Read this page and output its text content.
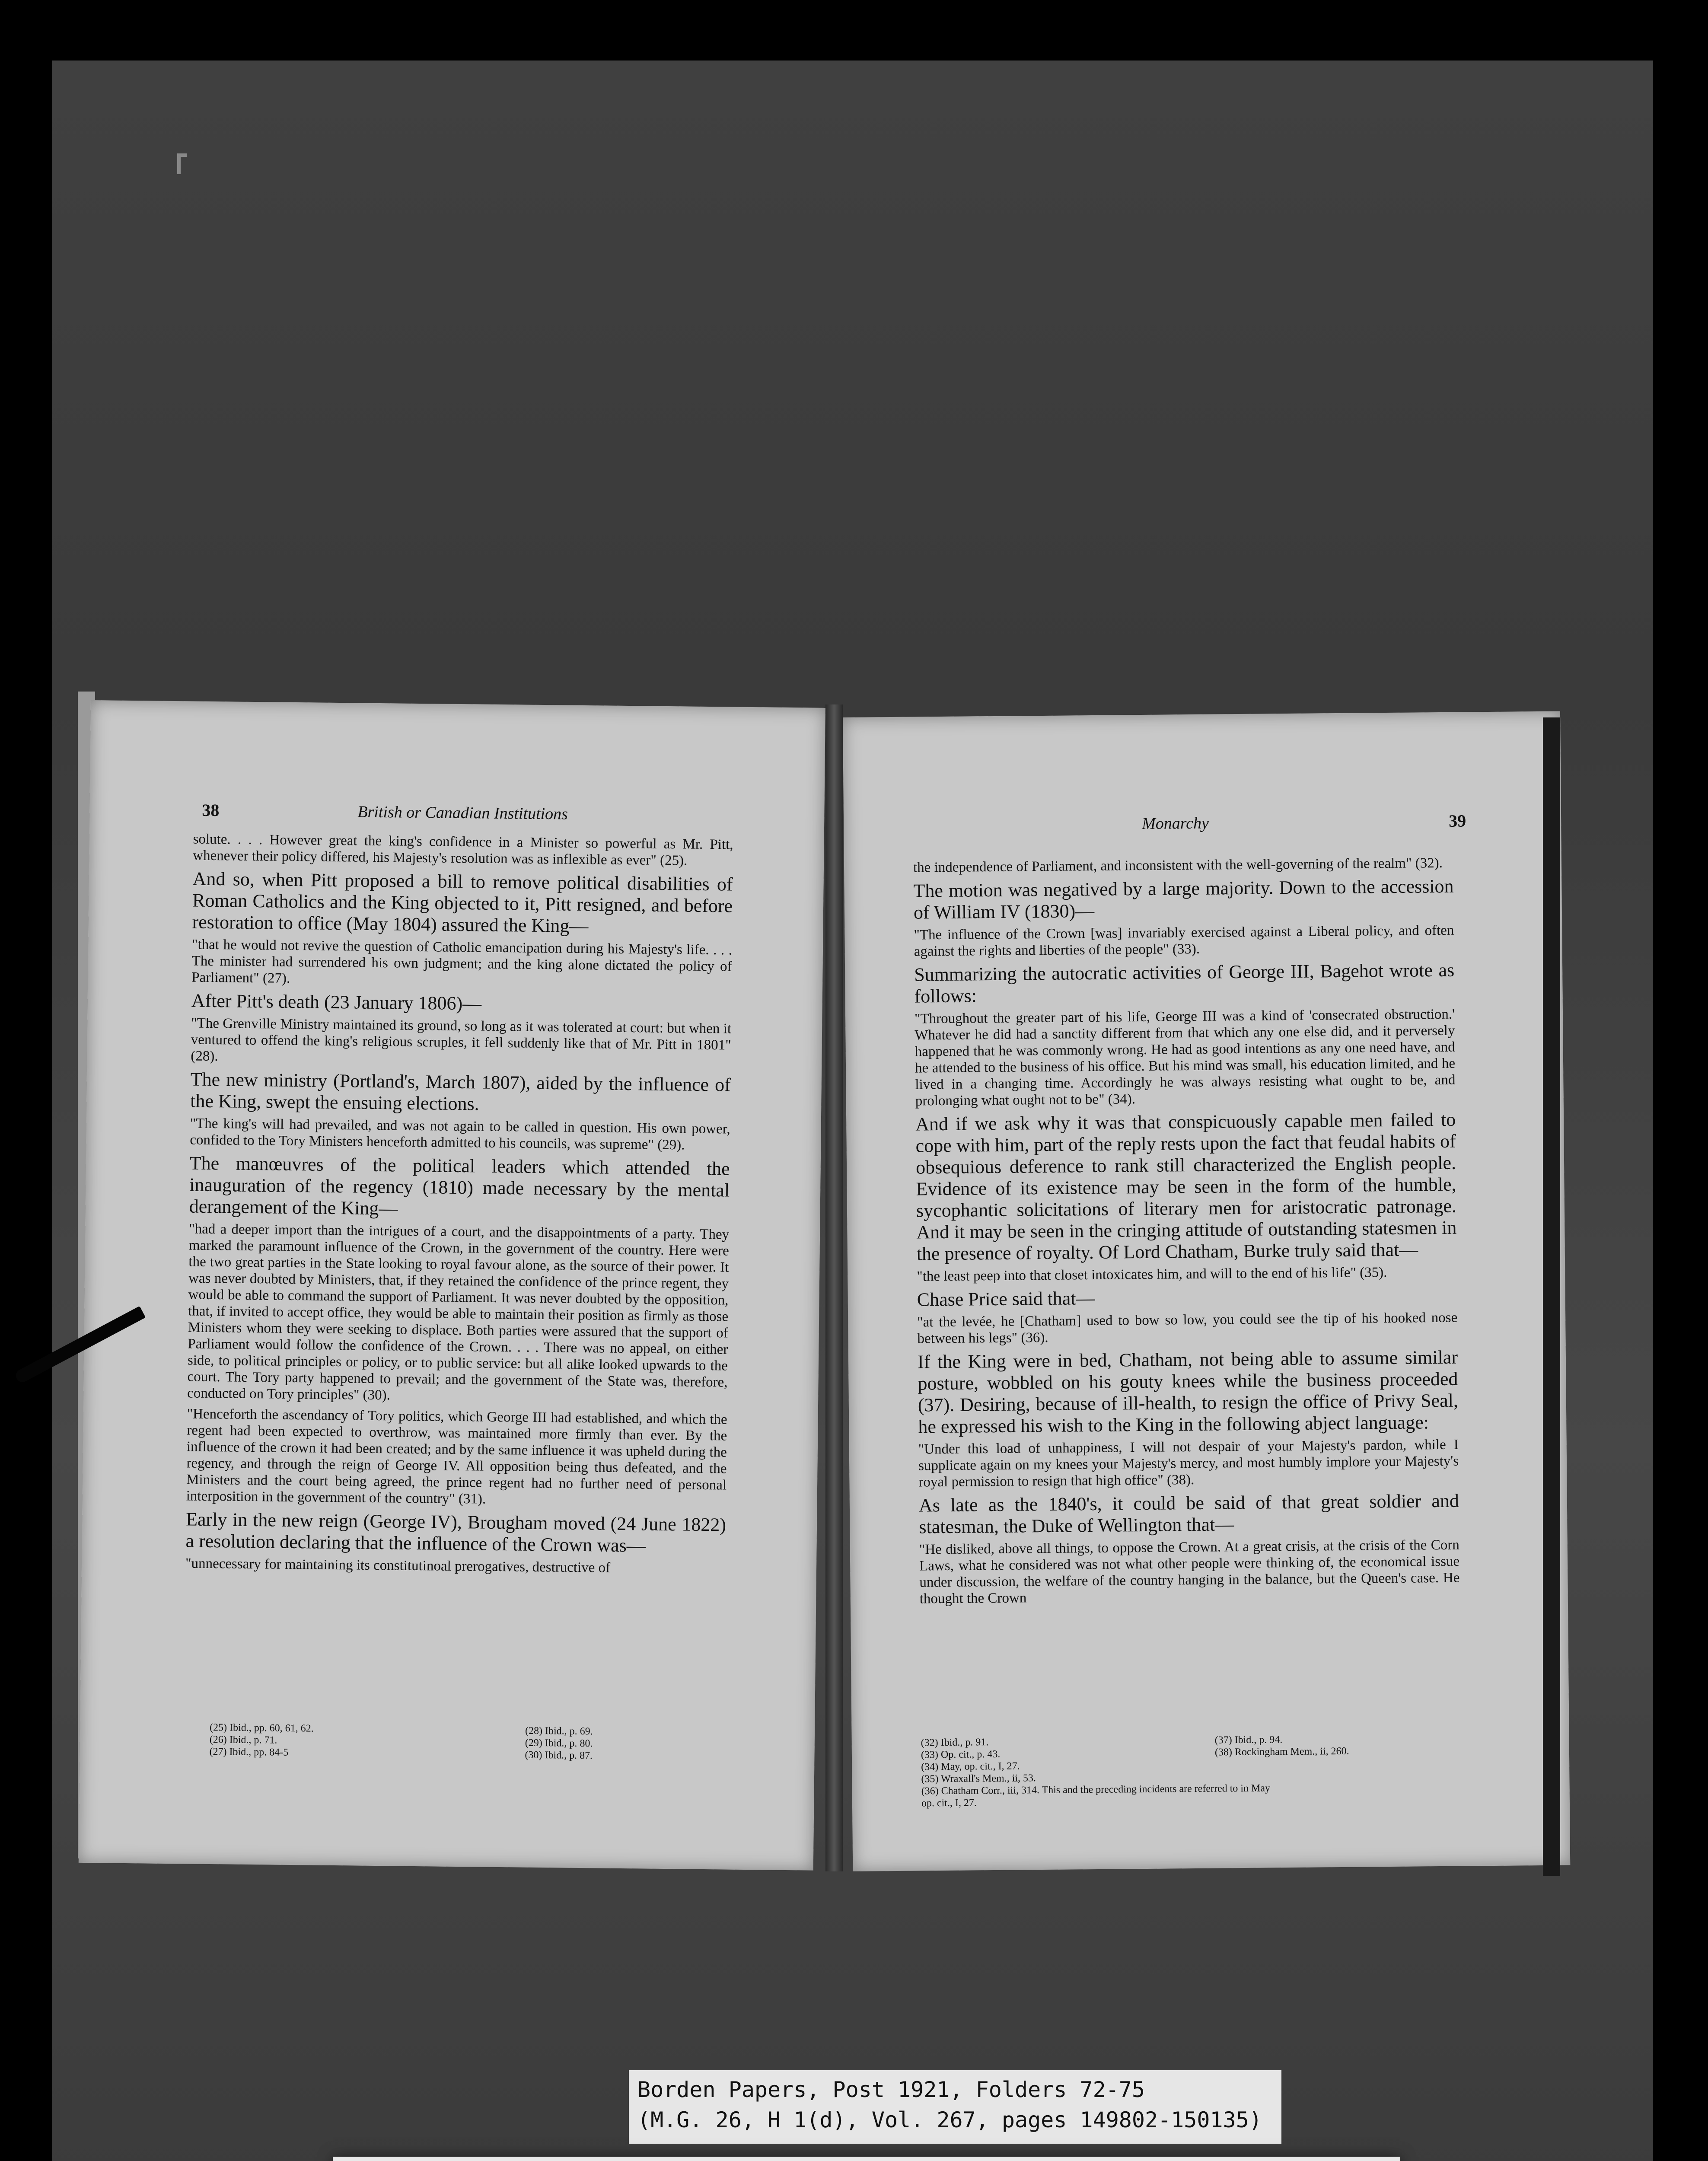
38	British or Canadian Institutions

solute. . . . However great the king's confidence in a Minister so powerful as Mr. Pitt, whenever their policy differed, his Majesty's resolution was as inflexible as ever" (25).

And so, when Pitt proposed a bill to remove political disabilities of Roman Catholics and the King objected to it, Pitt resigned, and before restoration to office (May 1804) assured the King—

"that he would not revive the question of Catholic emancipation during his Majesty's life. . . . The minister had surrendered his own judgment; and the king alone dictated the policy of Parliament" (27).

After Pitt's death (23 January 1806)—

"The Grenville Ministry maintained its ground, so long as it was tolerated at court: but when it ventured to offend the king's religious scruples, it fell suddenly like that of Mr. Pitt in 1801" (28).

The new ministry (Portland's, March 1807), aided by the influence of the King, swept the ensuing elections.

"The king's will had prevailed, and was not again to be called in question. His own power, confided to the Tory Ministers henceforth admitted to his councils, was supreme" (29).

The manœuvres of the political leaders which attended the inauguration of the regency (1810) made necessary by the mental derangement of the King—

"had a deeper import than the intrigues of a court, and the disappointments of a party. They marked the paramount influence of the Crown, in the government of the country. Here were the two great parties in the State looking to royal favour alone, as the source of their power. It was never doubted by Ministers, that, if they retained the confidence of the prince regent, they would be able to command the support of Parliament. It was never doubted by the opposition, that, if invited to accept office, they would be able to maintain their position as firmly as those Ministers whom they were seeking to displace. Both parties were assured that the support of Parliament would follow the confidence of the Crown. . . . There was no appeal, on either side, to political principles or policy, or to public service: but all alike looked upwards to the court. The Tory party happened to prevail; and the government of the State was, therefore, conducted on Tory principles" (30).

"Henceforth the ascendancy of Tory politics, which George III had established, and which the regent had been expected to overthrow, was maintained more firmly than ever. By the influence of the crown it had been created; and by the same influence it was upheld during the regency, and through the reign of George IV. All opposition being thus defeated, and the Ministers and the court being agreed, the prince regent had no further need of personal interposition in the government of the country" (31).

Early in the new reign (George IV), Brougham moved (24 June 1822) a resolution declaring that the influence of the Crown was—

"unnecessary for maintaining its constitutinoal prerogatives, destructive of

(25) Ibid., pp. 60, 61, 62.
(26) Ibid., p. 71.
(27) Ibid., pp. 84-5
(28) Ibid., p. 69.
(29) Ibid., p. 80.
(30) Ibid., p. 87.
Monarchy	39

the independence of Parliament, and inconsistent with the well-governing of the realm" (32).

The motion was negatived by a large majority. Down to the accession of William IV (1830)—

"The influence of the Crown [was] invariably exercised against a Liberal policy, and often against the rights and liberties of the people" (33).

Summarizing the autocratic activities of George III, Bagehot wrote as follows:

"Throughout the greater part of his life, George III was a kind of 'consecrated obstruction.' Whatever he did had a sanctity different from that which any one else did, and it perversely happened that he was commonly wrong. He had as good intentions as any one need have, and he attended to the business of his office. But his mind was small, his education limited, and he lived in a changing time. Accordingly he was always resisting what ought to be, and prolonging what ought not to be" (34).

And if we ask why it was that conspicuously capable men failed to cope with him, part of the reply rests upon the fact that feudal habits of obsequious deference to rank still characterized the English people. Evidence of its existence may be seen in the form of the humble, sycophantic solicitations of literary men for aristocratic patronage. And it may be seen in the cringing attitude of outstanding statesmen in the presence of royalty. Of Lord Chatham, Burke truly said that—

"the least peep into that closet intoxicates him, and will to the end of his life" (35).

Chase Price said that—

"at the levée, he [Chatham] used to bow so low, you could see the tip of his hooked nose between his legs" (36).

If the King were in bed, Chatham, not being able to assume similar posture, wobbled on his gouty knees while the business proceeded (37). Desiring, because of ill-health, to resign the office of Privy Seal, he expressed his wish to the King in the following abject language:

"Under this load of unhappiness, I will not despair of your Majesty's pardon, while I supplicate again on my knees your Majesty's mercy, and most humbly implore your Majesty's royal permission to resign that high office" (38).

As late as the 1840's, it could be said of that great soldier and statesman, the Duke of Wellington that—

"He disliked, above all things, to oppose the Crown. At a great crisis, at the crisis of the Corn Laws, what he considered was not what other people were thinking of, the economical issue under discussion, the welfare of the country hanging in the balance, but the Queen's case. He thought the Crown

(32) Ibid., p. 91.
(33) Op. cit., p. 43.
(34) May, op. cit., I, 27.
(35) Wraxall's Mem., ii, 53.
(36) Chatham Corr., iii, 314. This and the preceding incidents are referred to in May
op. cit., I, 27.
(37) Ibid., p. 94.
(38) Rockingham Mem., ii, 260.
Borden Papers, Post 1921, Folders 72-75
(M.G. 26, H 1(d), Vol. 267, pages 149802-150135)
